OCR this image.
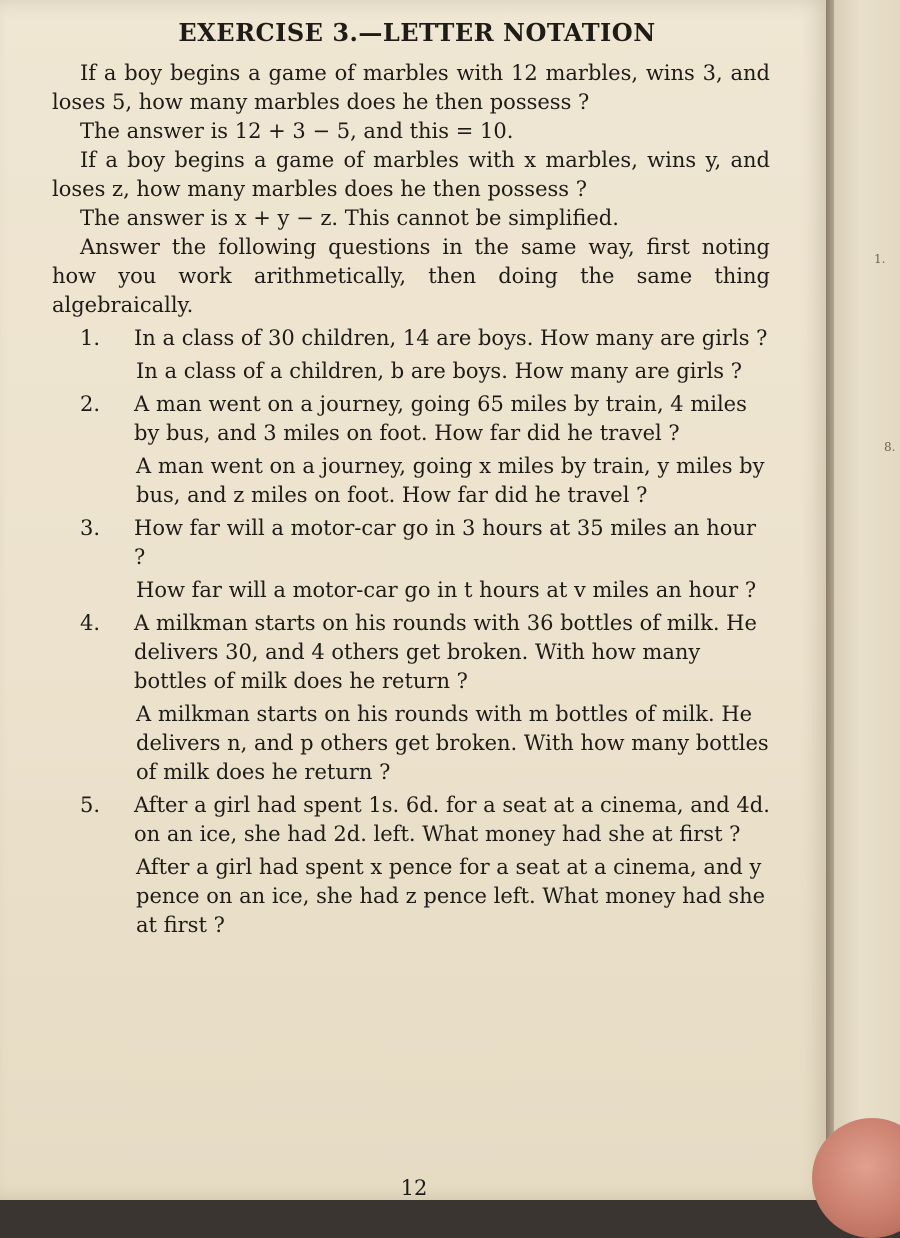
1.
8.
EXERCISE 3.—LETTER NOTATION

If a boy begins a game of marbles with 12 marbles, wins 3, and loses 5, how many marbles does he then possess ?

The answer is 12 + 3 − 5, and this = 10.

If a boy begins a game of marbles with x marbles, wins y, and loses z, how many marbles does he then possess ?

The answer is x + y − z. This cannot be simplified.

Answer the following questions in the same way, first noting how you work arithmetically, then doing the same thing algebraically.

1. In a class of 30 children, 14 are boys. How many are girls ?

In a class of a children, b are boys. How many are girls ?

2. A man went on a journey, going 65 miles by train, 4 miles by bus, and 3 miles on foot. How far did he travel ?

A man went on a journey, going x miles by train, y miles by bus, and z miles on foot. How far did he travel ?

3. How far will a motor-car go in 3 hours at 35 miles an hour ?

How far will a motor-car go in t hours at v miles an hour ?

4. A milkman starts on his rounds with 36 bottles of milk. He delivers 30, and 4 others get broken. With how many bottles of milk does he return ?

A milkman starts on his rounds with m bottles of milk. He delivers n, and p others get broken. With how many bottles of milk does he return ?

5. After a girl had spent 1s. 6d. for a seat at a cinema, and 4d. on an ice, she had 2d. left. What money had she at first ?

After a girl had spent x pence for a seat at a cinema, and y pence on an ice, she had z pence left. What money had she at first ?

12
